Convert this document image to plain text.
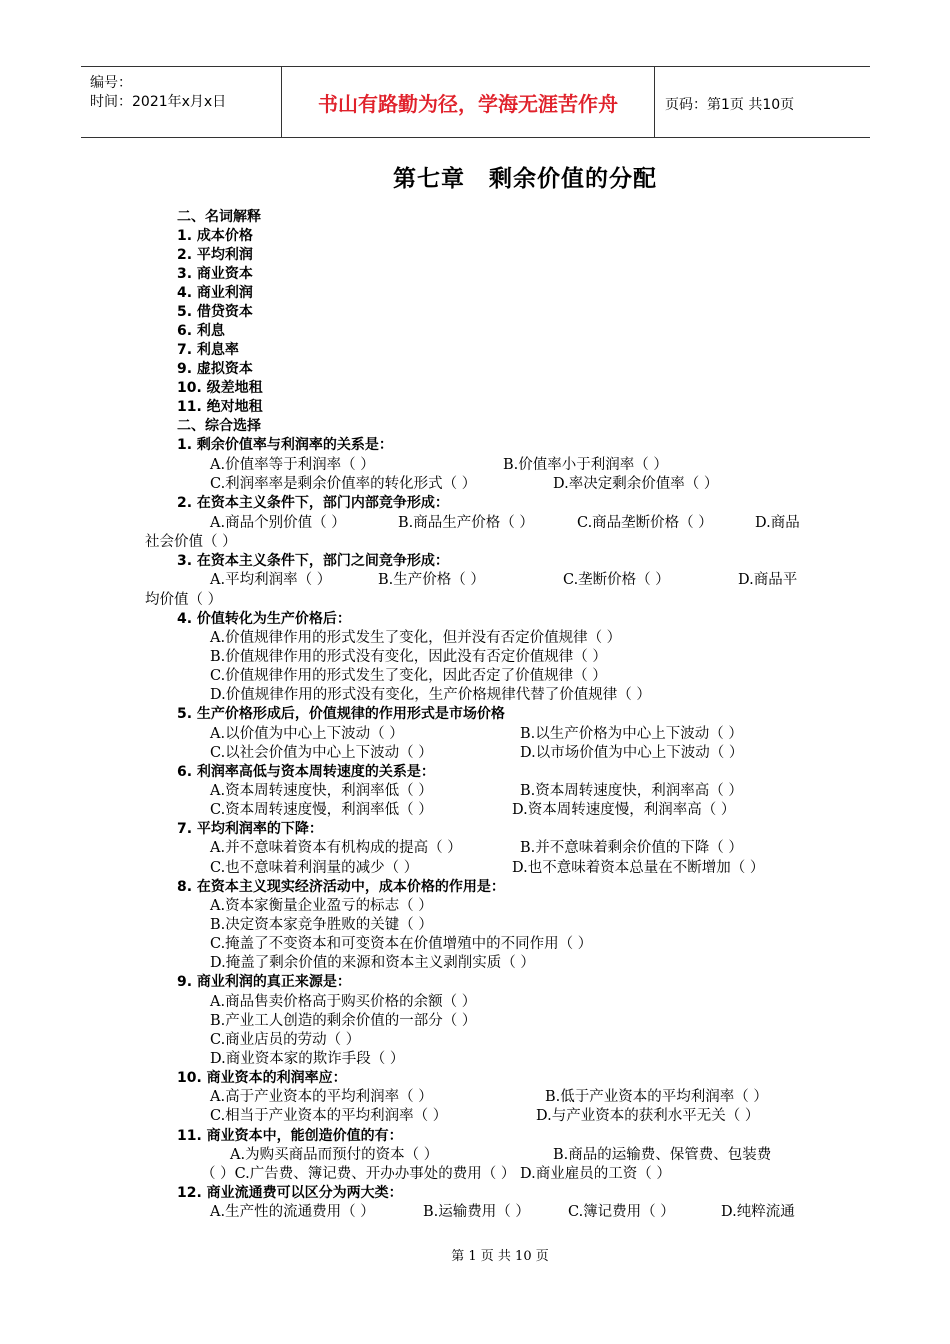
编号：
时间：2021年x月x日	书山有路勤为径，学海无涯苦作舟	页码：第1页 共10页
第七章　剩余价值的分配
二、名词解释
1. 成本价格
2. 平均利润
3. 商业资本
4. 商业利润
5. 借贷资本
6. 利息
7. 利息率
9. 虚拟资本
10. 级差地租
11. 绝对地租
二、综合选择
1. 剩余价值率与利润率的关系是：
A.价值率等于利润率（ ）	B.价值率小于利润率（ ）
C.利润率率是剩余价值率的转化形式（ ）	D.率决定剩余价值率（ ）
2. 在资本主义条件下，部门内部竞争形成：
A.商品个别价值（ ）	B.商品生产价格（ ）	C.商品垄断价格（ ）	D.商品
社会价值（ ）
3. 在资本主义条件下，部门之间竞争形成：
A.平均利润率（ ）	B.生产价格（ ）	C.垄断价格（ ）	D.商品平
均价值（ ）
4. 价值转化为生产价格后：
A.价值规律作用的形式发生了变化，但并没有否定价值规律（ ）
B.价值规律作用的形式没有变化，因此没有否定价值规律（ ）
C.价值规律作用的形式发生了变化，因此否定了价值规律（ ）
D.价值规律作用的形式没有变化，生产价格规律代替了价值规律（ ）
5. 生产价格形成后，价值规律的作用形式是市场价格
A.以价值为中心上下波动（ ）	B.以生产价格为中心上下波动（ ）
C.以社会价值为中心上下波动（ ）	D.以市场价值为中心上下波动（ ）
6. 利润率高低与资本周转速度的关系是：
A.资本周转速度快，利润率低（ ）	B.资本周转速度快，利润率高（ ）
C.资本周转速度慢，利润率低（ ）	D.资本周转速度慢，利润率高（ ）
7. 平均利润率的下降：
A.并不意味着资本有机构成的提高（ ）	B.并不意味着剩余价值的下降（ ）
C.也不意味着利润量的减少（ ）	D.也不意味着资本总量在不断增加（ ）
8. 在资本主义现实经济活动中，成本价格的作用是：
A.资本家衡量企业盈亏的标志（ ）
B.决定资本家竞争胜败的关键（ ）
C.掩盖了不变资本和可变资本在价值增殖中的不同作用（ ）
D.掩盖了剩余价值的来源和资本主义剥削实质（ ）
9. 商业利润的真正来源是：
A.商品售卖价格高于购买价格的余额（ ）
B.产业工人创造的剩余价值的一部分（ ）
C.商业店员的劳动（ ）
D.商业资本家的欺诈手段（ ）
10. 商业资本的利润率应：
A.高于产业资本的平均利润率（ ）	B.低于产业资本的平均利润率（ ）
C.相当于产业资本的平均利润率（ ）	D.与产业资本的获利水平无关（ ）
11. 商业资本中，能创造价值的有：
A.为购买商品而预付的资本（ ）	B.商品的运输费、保管费、包装费
（ ）C.广告费、簿记费、开办办事处的费用（ ） D.商业雇员的工资（ ）
12. 商业流通费可以区分为两大类：
A.生产性的流通费用（ ）	B.运输费用（ ）	C.簿记费用（ ）	D.纯粹流通
第 1 页 共 10 页
